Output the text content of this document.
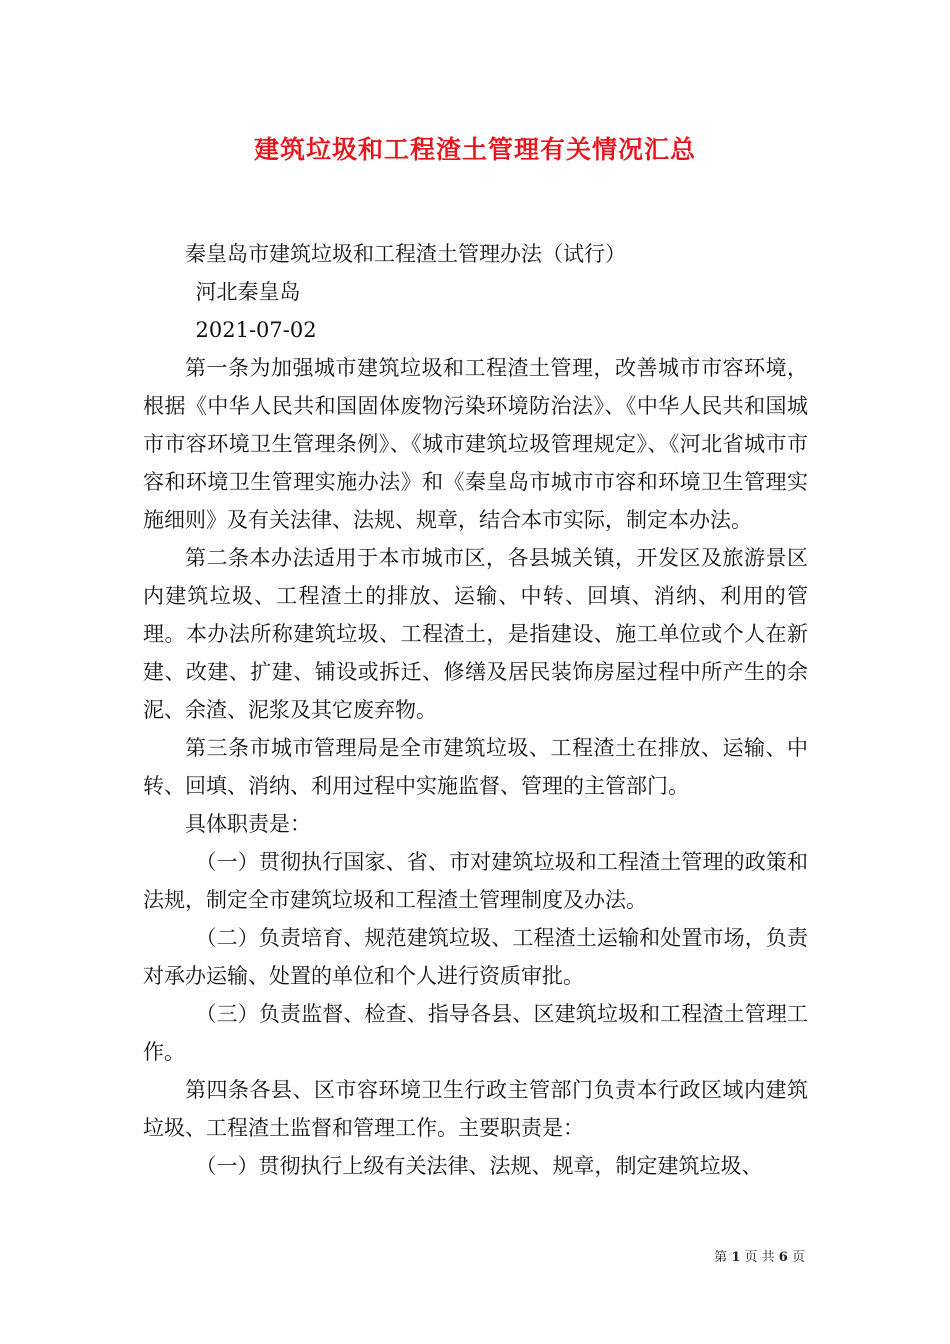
建筑垃圾和工程渣土管理有关情况汇总

秦皇岛市建筑垃圾和工程渣土管理办法（试行）

河北秦皇岛

2021-07-02

第一条为加强城市建筑垃圾和工程渣土管理，改善城市市容环境，根据《中华人民共和国固体废物污染环境防治法》、《中华人民共和国城市市容环境卫生管理条例》、《城市建筑垃圾管理规定》、《河北省城市市容和环境卫生管理实施办法》和《秦皇岛市城市市容和环境卫生管理实施细则》及有关法律、法规、规章，结合本市实际，制定本办法。

第二条本办法适用于本市城市区，各县城关镇，开发区及旅游景区内建筑垃圾、工程渣土的排放、运输、中转、回填、消纳、利用的管理。本办法所称建筑垃圾、工程渣土，是指建设、施工单位或个人在新建、改建、扩建、铺设或拆迁、修缮及居民装饰房屋过程中所产生的余泥、余渣、泥浆及其它废弃物。

第三条市城市管理局是全市建筑垃圾、工程渣土在排放、运输、中转、回填、消纳、利用过程中实施监督、管理的主管部门。

具体职责是：

（一）贯彻执行国家、省、市对建筑垃圾和工程渣土管理的政策和法规，制定全市建筑垃圾和工程渣土管理制度及办法。

（二）负责培育、规范建筑垃圾、工程渣土运输和处置市场，负责对承办运输、处置的单位和个人进行资质审批。

（三）负责监督、检查、指导各县、区建筑垃圾和工程渣土管理工作。

第四条各县、区市容环境卫生行政主管部门负责本行政区域内建筑垃圾、工程渣土监督和管理工作。主要职责是：

（一）贯彻执行上级有关法律、法规、规章，制定建筑垃圾、

第 1 页 共 6 页
